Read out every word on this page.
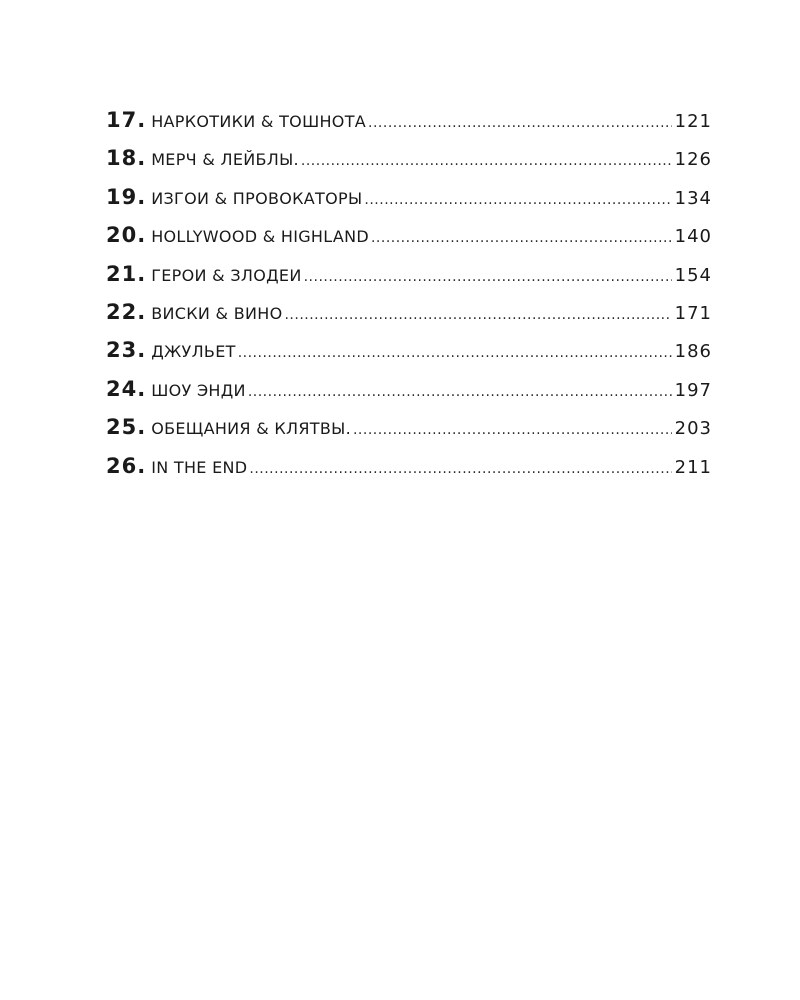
17. НАРКОТИКИ & ТОШНОТА .....	121
18. МЕРЧ & ЛЕЙБЛЫ. .....	126
19. ИЗГОИ & ПРОВОКАТОРЫ .....	134
20. HOLLYWOOD & HIGHLAND .....	140
21. ГЕРОИ & ЗЛОДЕИ .....	154
22. ВИСКИ & ВИНО .....	171
23. ДЖУЛЬЕТ .....	186
24. ШОУ ЭНДИ .....	197
25. ОБЕЩАНИЯ & КЛЯТВЫ. .....	203
26. IN THE END .....	211
